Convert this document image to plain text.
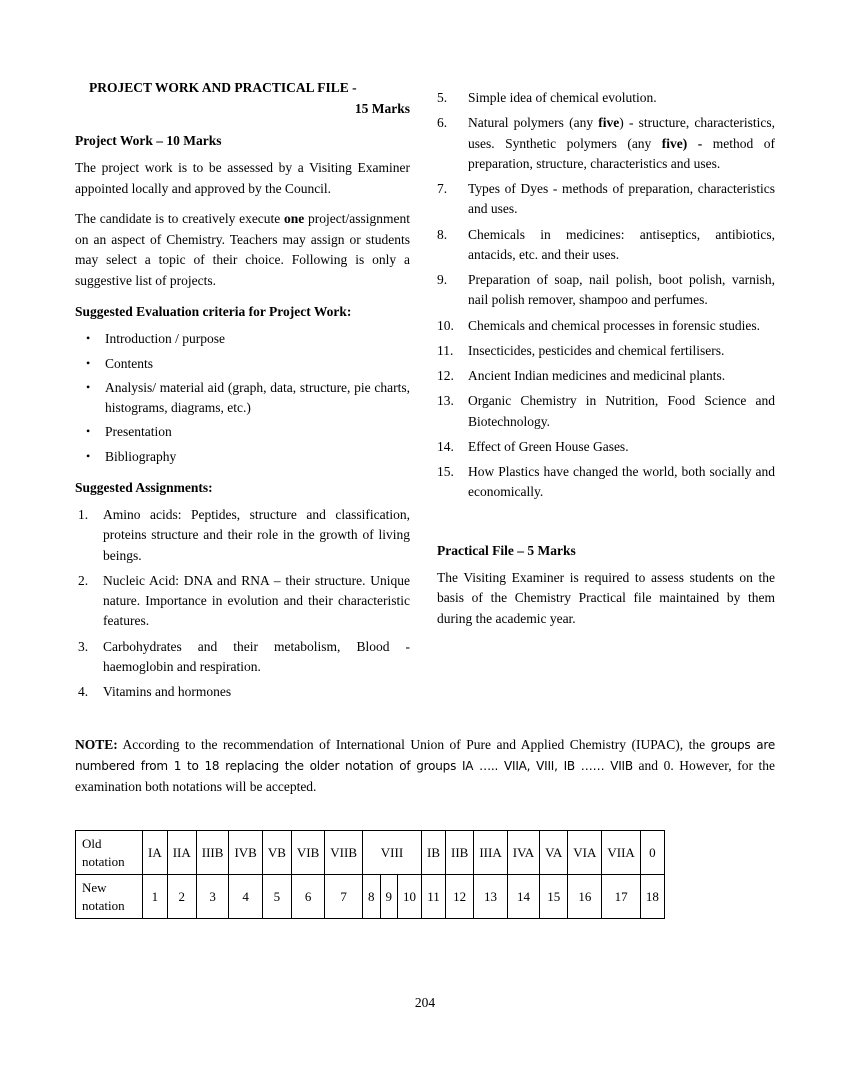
PROJECT WORK AND PRACTICAL FILE -
15 Marks
Project Work – 10 Marks

The project work is to be assessed by a Visiting Examiner appointed locally and approved by the Council.

The candidate is to creatively execute one project/assignment on an aspect of Chemistry. Teachers may assign or students may select a topic of their choice. Following is only a suggestive list of projects.

Suggested Evaluation criteria for Project Work:
• Introduction / purpose
• Contents
• Analysis/ material aid (graph, data, structure, pie charts, histograms, diagrams, etc.)
• Presentation
• Bibliography
Suggested Assignments:
1.	Amino acids: Peptides, structure and classification, proteins structure and their role in the growth of living beings.
2.	Nucleic Acid: DNA and RNA – their structure. Unique nature. Importance in evolution and their characteristic features.
3.	Carbohydrates and their metabolism, Blood - haemoglobin and respiration.
4.	Vitamins and hormones
5.	Simple idea of chemical evolution.
6.	Natural polymers (any five) - structure, characteristics, uses. Synthetic polymers (any five) - method of preparation, structure, characteristics and uses.
7.	Types of Dyes - methods of preparation, characteristics and uses.
8.	Chemicals in medicines: antiseptics, antibiotics, antacids, etc. and their uses.
9.	Preparation of soap, nail polish, boot polish, varnish, nail polish remover, shampoo and perfumes.
10.	Chemicals and chemical processes in forensic studies.
11.	Insecticides, pesticides and chemical fertilisers.
12.	Ancient Indian medicines and medicinal plants.
13.	Organic Chemistry in Nutrition, Food Science and Biotechnology.
14.	Effect of Green House Gases.
15.	How Plastics have changed the world, both socially and economically.
Practical File – 5 Marks

The Visiting Examiner is required to assess students on the basis of the Chemistry Practical file maintained by them during the academic year.

NOTE: According to the recommendation of International Union of Pure and Applied Chemistry (IUPAC), the groups are numbered from 1 to 18 replacing the older notation of groups IA ….. VIIA, VIII, IB …… VIIB and 0. However, for the examination both notations will be accepted.
Old notation	IA	IIA	IIIB	IVB	VB	VIB	VIIB	VIII			IB	IIB	IIIA	IVA	VA	VIA	VIIA	0
New notation	1	2	3	4	5	6	7	8	9	10	11	12	13	14	15	16	17	18
204
